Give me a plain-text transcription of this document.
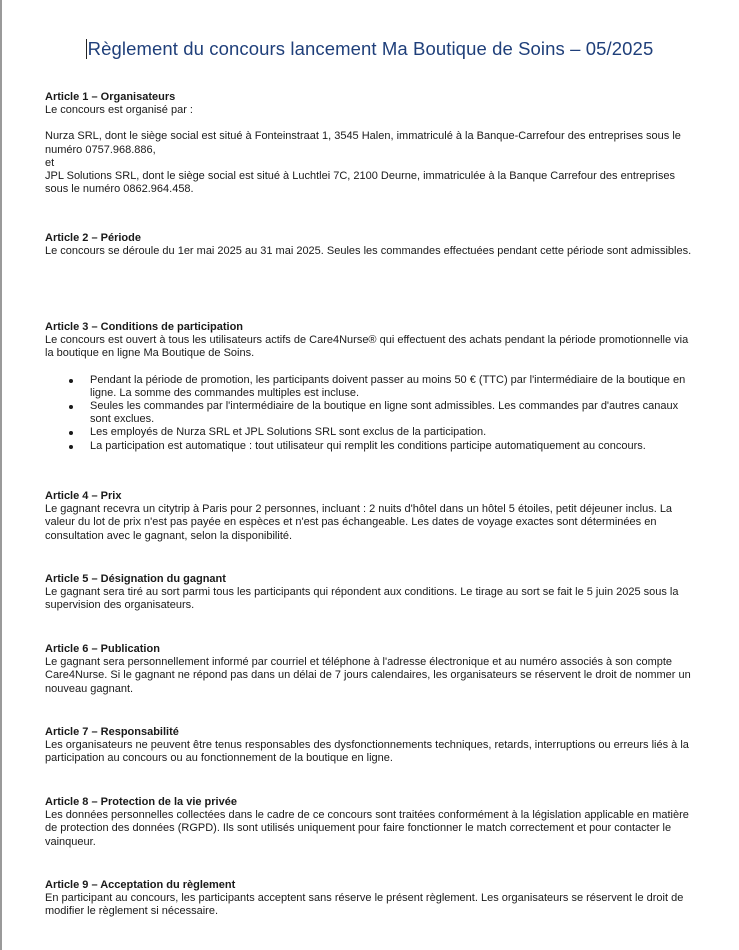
Règlement du concours lancement Ma Boutique de Soins – 05/2025
Article 1 – Organisateurs

Le concours est organisé par :

Nurza SRL, dont le siège social est situé à Fonteinstraat 1, 3545 Halen, immatriculé à la Banque-Carrefour des entreprises sous le numéro 0757.968.886,

et

JPL Solutions SRL, dont le siège social est situé à Luchtlei 7C, 2100 Deurne, immatriculée à la Banque Carrefour des entreprises sous le numéro 0862.964.458.

Article 2 – Période

Le concours se déroule du 1er mai 2025 au 31 mai 2025. Seules les commandes effectuées pendant cette période sont admissibles.

Article 3 – Conditions de participation

Le concours est ouvert à tous les utilisateurs actifs de Care4Nurse® qui effectuent des achats pendant la période promotionnelle via la boutique en ligne Ma Boutique de Soins.

Pendant la période de promotion, les participants doivent passer au moins 50 € (TTC) par l'intermédiaire de la boutique en ligne. La somme des commandes multiples est incluse.
Seules les commandes par l'intermédiaire de la boutique en ligne sont admissibles. Les commandes par d'autres canaux sont exclues.
Les employés de Nurza SRL et JPL Solutions SRL sont exclus de la participation.
La participation est automatique : tout utilisateur qui remplit les conditions participe automatiquement au concours.
Article 4 – Prix

Le gagnant recevra un citytrip à Paris pour 2 personnes, incluant : 2 nuits d'hôtel dans un hôtel 5 étoiles, petit déjeuner inclus. La valeur du lot de prix n'est pas payée en espèces et n'est pas échangeable. Les dates de voyage exactes sont déterminées en consultation avec le gagnant, selon la disponibilité.

Article 5 – Désignation du gagnant

Le gagnant sera tiré au sort parmi tous les participants qui répondent aux conditions. Le tirage au sort se fait le 5 juin 2025 sous la supervision des organisateurs.

Article 6 – Publication

Le gagnant sera personnellement informé par courriel et téléphone à l'adresse électronique et au numéro associés à son compte Care4Nurse. Si le gagnant ne répond pas dans un délai de 7 jours calendaires, les organisateurs se réservent le droit de nommer un nouveau gagnant.

Article 7 – Responsabilité

Les organisateurs ne peuvent être tenus responsables des dysfonctionnements techniques, retards, interruptions ou erreurs liés à la participation au concours ou au fonctionnement de la boutique en ligne.

Article 8 – Protection de la vie privée

Les données personnelles collectées dans le cadre de ce concours sont traitées conformément à la législation applicable en matière de protection des données (RGPD). Ils sont utilisés uniquement pour faire fonctionner le match correctement et pour contacter le vainqueur.

Article 9 – Acceptation du règlement

En participant au concours, les participants acceptent sans réserve le présent règlement. Les organisateurs se réservent le droit de modifier le règlement si nécessaire.
